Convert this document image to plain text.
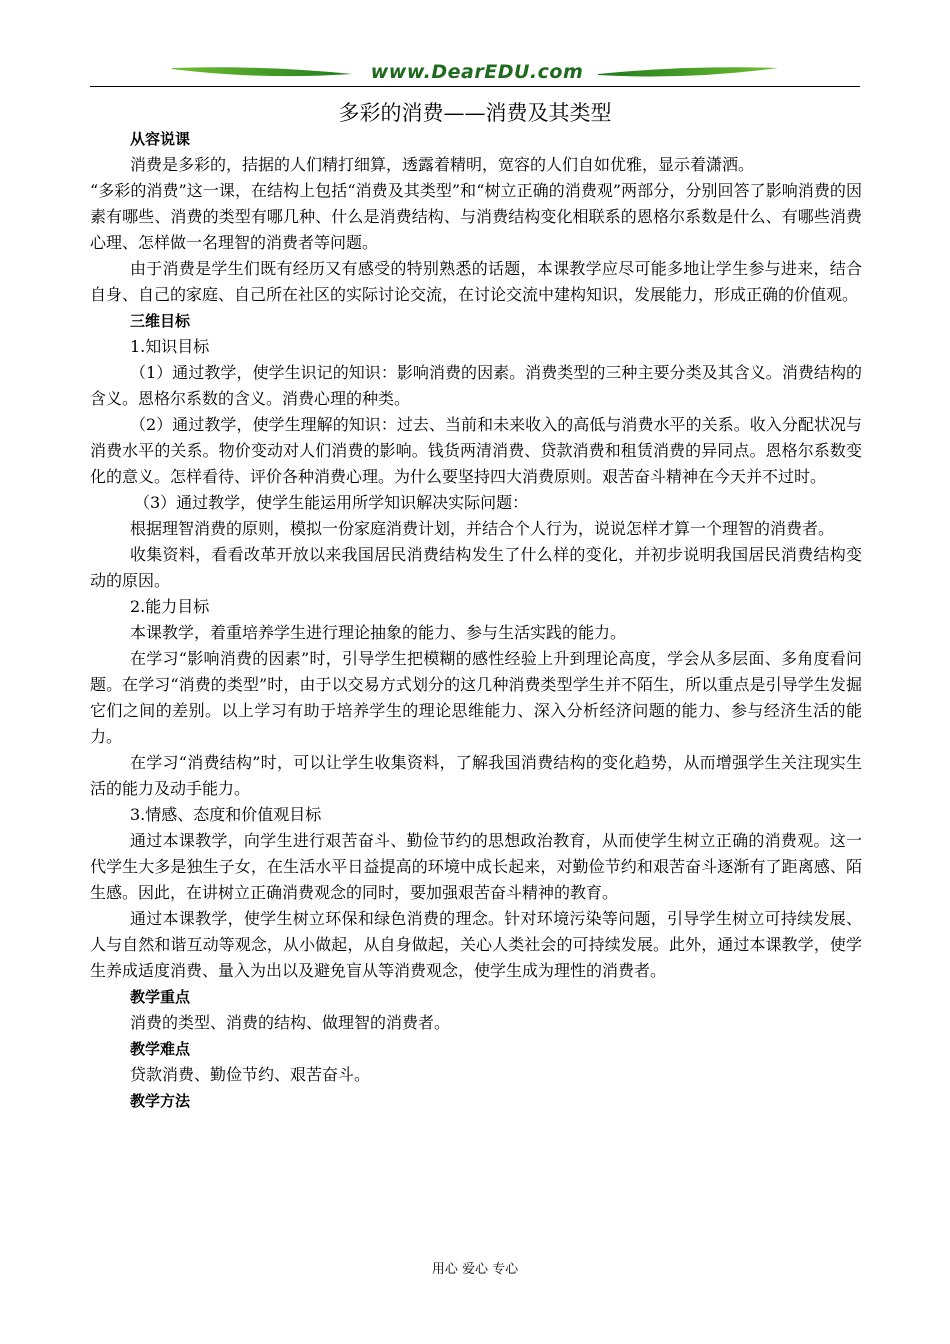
www.DearEDU.com
多彩的消费——消费及其类型

从容说课

消费是多彩的，拮据的人们精打细算，透露着精明，宽容的人们自如优雅，显示着潇洒。

“多彩的消费”这一课，在结构上包括“消费及其类型”和“树立正确的消费观”两部分，分别回答了影响消费的因素有哪些、消费的类型有哪几种、什么是消费结构、与消费结构变化相联系的恩格尔系数是什么、有哪些消费心理、怎样做一名理智的消费者等问题。

由于消费是学生们既有经历又有感受的特别熟悉的话题，本课教学应尽可能多地让学生参与进来，结合自身、自己的家庭、自己所在社区的实际讨论交流，在讨论交流中建构知识，发展能力，形成正确的价值观。

三维目标

1.知识目标

（1）通过教学，使学生识记的知识：影响消费的因素。消费类型的三种主要分类及其含义。消费结构的含义。恩格尔系数的含义。消费心理的种类。

（2）通过教学，使学生理解的知识：过去、当前和未来收入的高低与消费水平的关系。收入分配状况与消费水平的关系。物价变动对人们消费的影响。钱货两清消费、贷款消费和租赁消费的异同点。恩格尔系数变化的意义。怎样看待、评价各种消费心理。为什么要坚持四大消费原则。艰苦奋斗精神在今天并不过时。

（3）通过教学，使学生能运用所学知识解决实际问题：

根据理智消费的原则，模拟一份家庭消费计划，并结合个人行为，说说怎样才算一个理智的消费者。

收集资料，看看改革开放以来我国居民消费结构发生了什么样的变化，并初步说明我国居民消费结构变动的原因。

2.能力目标

本课教学，着重培养学生进行理论抽象的能力、参与生活实践的能力。

在学习“影响消费的因素”时，引导学生把模糊的感性经验上升到理论高度，学会从多层面、多角度看问题。在学习“消费的类型”时，由于以交易方式划分的这几种消费类型学生并不陌生，所以重点是引导学生发掘它们之间的差别。以上学习有助于培养学生的理论思维能力、深入分析经济问题的能力、参与经济生活的能力。

在学习“消费结构”时，可以让学生收集资料，了解我国消费结构的变化趋势，从而增强学生关注现实生活的能力及动手能力。

3.情感、态度和价值观目标

通过本课教学，向学生进行艰苦奋斗、勤俭节约的思想政治教育，从而使学生树立正确的消费观。这一代学生大多是独生子女，在生活水平日益提高的环境中成长起来，对勤俭节约和艰苦奋斗逐渐有了距离感、陌生感。因此，在讲树立正确消费观念的同时，要加强艰苦奋斗精神的教育。

通过本课教学，使学生树立环保和绿色消费的理念。针对环境污染等问题，引导学生树立可持续发展、人与自然和谐互动等观念，从小做起，从自身做起，关心人类社会的可持续发展。此外，通过本课教学，使学生养成适度消费、量入为出以及避免盲从等消费观念，使学生成为理性的消费者。

教学重点

消费的类型、消费的结构、做理智的消费者。

教学难点

贷款消费、勤俭节约、艰苦奋斗。

教学方法

用心 爱心 专心
